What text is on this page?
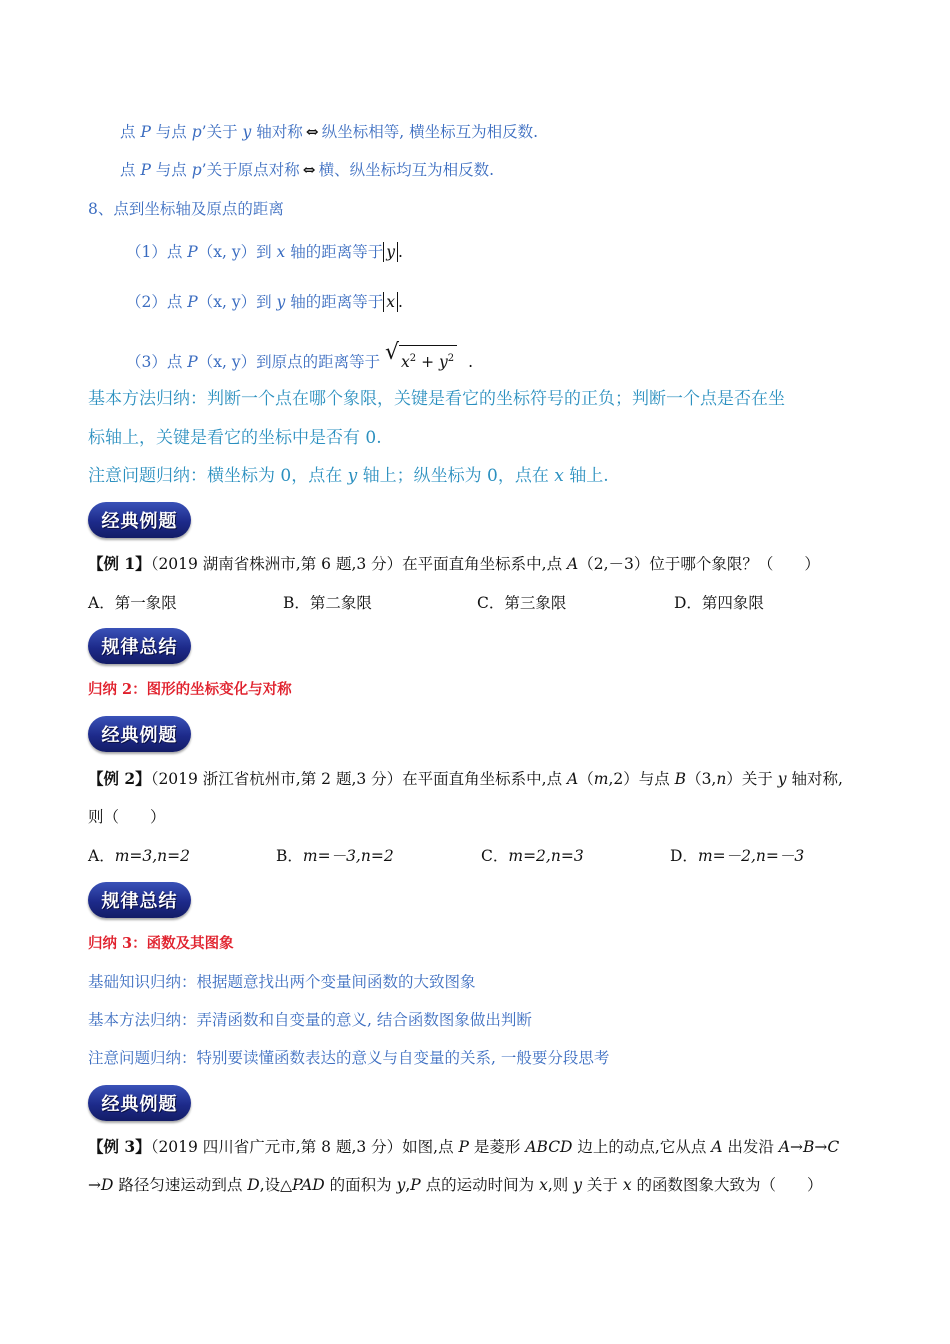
点 P 与点 p’关于 y 轴对称 ⇔ 纵坐标相等, 横坐标互为相反数.
点 P 与点 p’关于原点对称 ⇔ 横、纵坐标均互为相反数.
8、点到坐标轴及原点的距离
（1）点 P（x, y）到 x 轴的距离等于 y .
（2）点 P（x, y）到 y 轴的距离等于 x .
（3）点 P（x, y）到原点的距离等于 √ $x^2 + y^2$ .
基本方法归纳：判断一个点在哪个象限，关键是看它的坐标符号的正负；判断一个点是否在坐
标轴上，关键是看它的坐标中是否有 0.
注意问题归纳：横坐标为 0，点在 y 轴上；纵坐标为 0，点在 x 轴上.
经典例题
【例 1】（2019 湖南省株洲市,第 6 题,3 分）在平面直角坐标系中,点 A（2,－3）位于哪个象限？（　　）
A．第一象限	B．第二象限	C．第三象限	D．第四象限
规律总结
归纳 2：图形的坐标变化与对称
经典例题
【例 2】（2019 浙江省杭州市,第 2 题,3 分）在平面直角坐标系中,点 A（m,2）与点 B（3,n）关于 y 轴对称,
则（　　）
A．m=3,n=2	B．m=－3,n=2	C．m=2,n=3	D．m=－2,n=－3
规律总结
归纳 3：函数及其图象
基础知识归纳：根据题意找出两个变量间函数的大致图象
基本方法归纳：弄清函数和自变量的意义, 结合函数图象做出判断
注意问题归纳：特别要读懂函数表达的意义与自变量的关系, 一般要分段思考
经典例题
【例 3】（2019 四川省广元市,第 8 题,3 分）如图,点 P 是菱形 ABCD 边上的动点,它从点 A 出发沿 A→B→C
→D 路径匀速运动到点 D,设△PAD 的面积为 y,P 点的运动时间为 x,则 y 关于 x 的函数图象大致为（　　）
